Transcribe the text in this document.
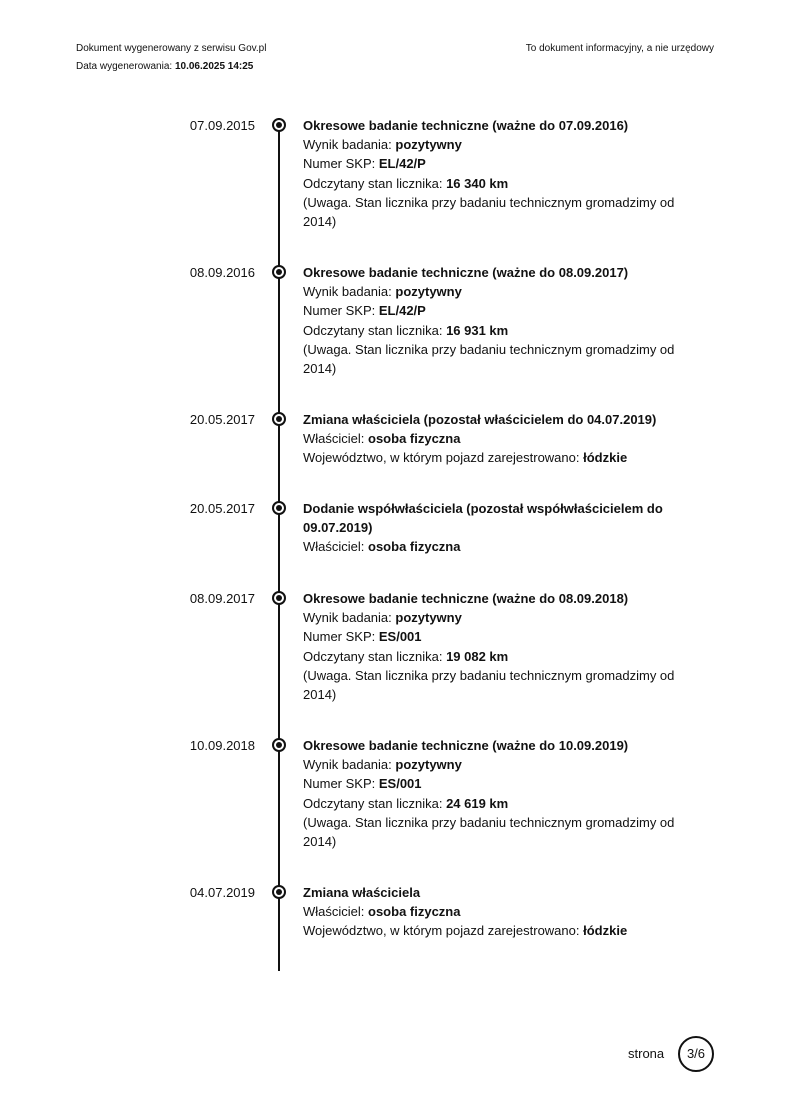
Dokument wygenerowany z serwisu Gov.pl
Data wygenerowania: 10.06.2025 14:25
To dokument informacyjny, a nie urzędowy
07.09.2015	Okresowe badanie techniczne (ważne do 07.09.2016)
Wynik badania: pozytywny
Numer SKP: EL/42/P
Odczytany stan licznika: 16 340 km
(Uwaga. Stan licznika przy badaniu technicznym gromadzimy od 2014)
08.09.2016	Okresowe badanie techniczne (ważne do 08.09.2017)
Wynik badania: pozytywny
Numer SKP: EL/42/P
Odczytany stan licznika: 16 931 km
(Uwaga. Stan licznika przy badaniu technicznym gromadzimy od 2014)
20.05.2017	Zmiana właściciela (pozostał właścicielem do 04.07.2019)
Właściciel: osoba fizyczna
Województwo, w którym pojazd zarejestrowano: łódzkie
20.05.2017	Dodanie współwłaściciela (pozostał współwłaścicielem do 09.07.2019)
Właściciel: osoba fizyczna
08.09.2017	Okresowe badanie techniczne (ważne do 08.09.2018)
Wynik badania: pozytywny
Numer SKP: ES/001
Odczytany stan licznika: 19 082 km
(Uwaga. Stan licznika przy badaniu technicznym gromadzimy od 2014)
10.09.2018	Okresowe badanie techniczne (ważne do 10.09.2019)
Wynik badania: pozytywny
Numer SKP: ES/001
Odczytany stan licznika: 24 619 km
(Uwaga. Stan licznika przy badaniu technicznym gromadzimy od 2014)
04.07.2019	Zmiana właściciela
Właściciel: osoba fizyczna
Województwo, w którym pojazd zarejestrowano: łódzkie
strona	3/6
